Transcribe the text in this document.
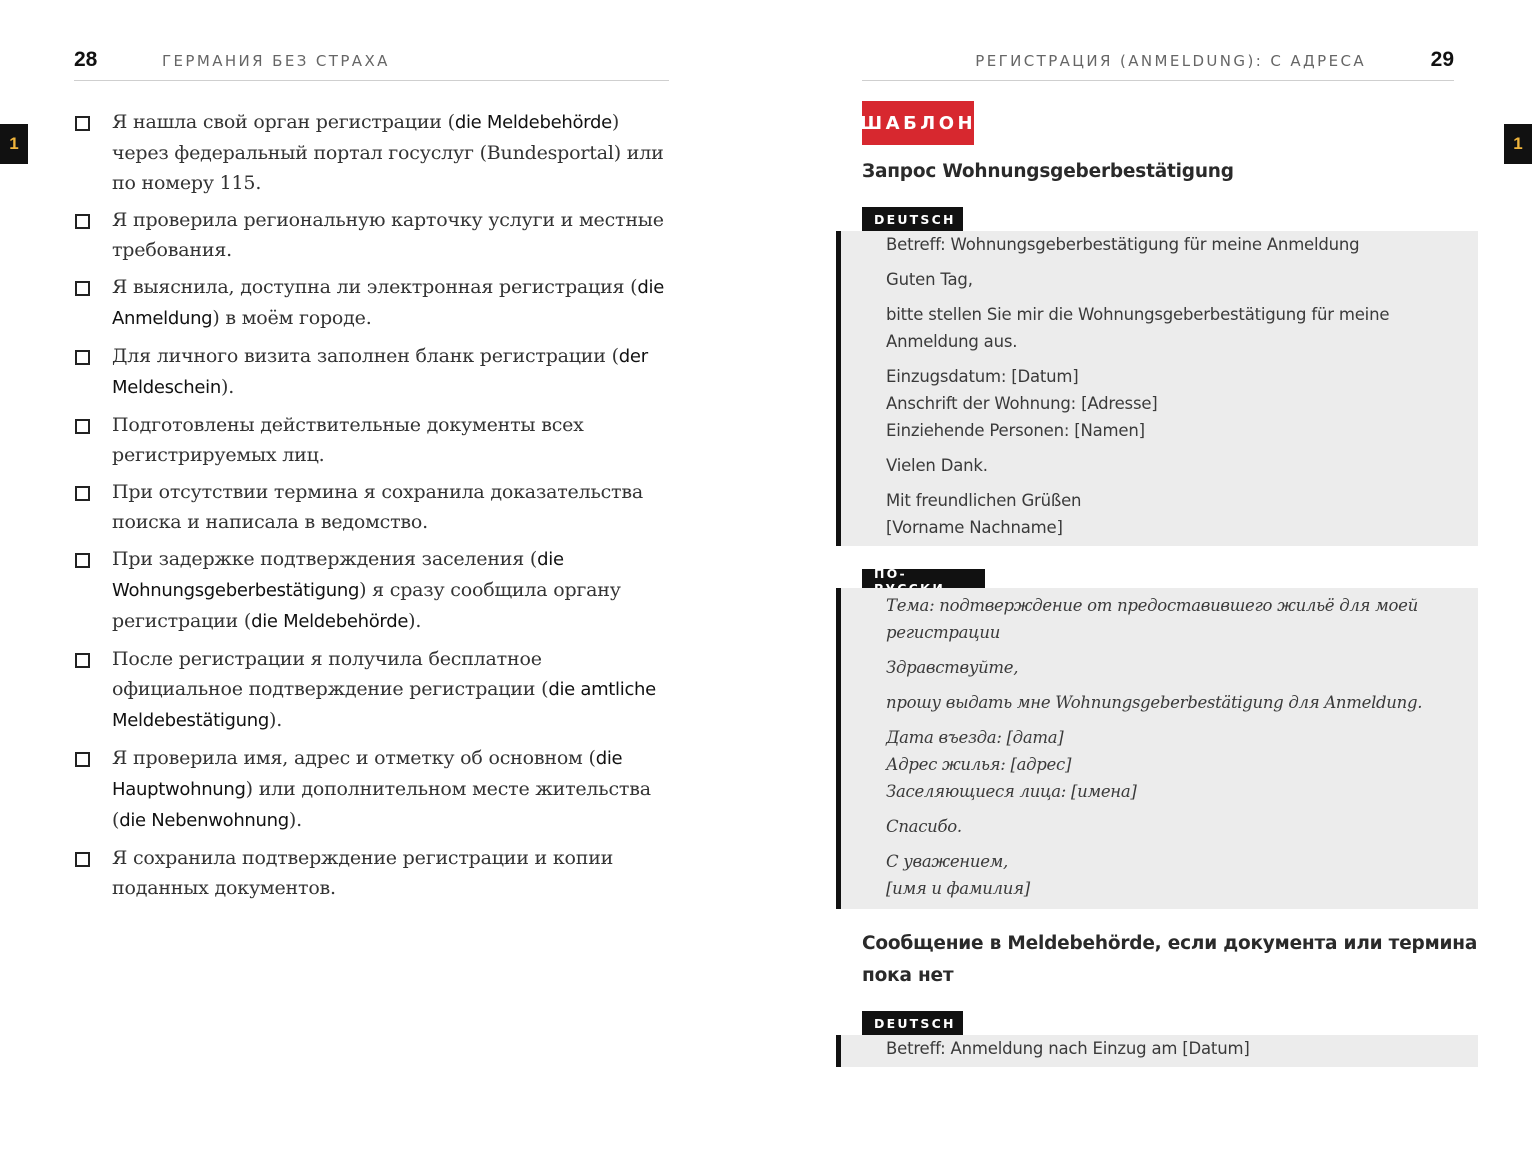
28	ГЕРМАНИЯ БЕЗ СТРАХА
1
Я нашла свой орган регистрации (die Meldebehörde)
через федеральный портал госуслуг (Bundesportal) или
по номеру 115.
Я проверила региональную карточку услуги и местные
требования.
Я выяснила, доступна ли электронная регистрация (die
Anmeldung) в моём городе.
Для личного визита заполнен бланк регистрации (der
Meldeschein).
Подготовлены действительные документы всех
регистрируемых лиц.
При отсутствии термина я сохранила доказательства
поиска и написала в ведомство.
При задержке подтверждения заселения (die
Wohnungsgeberbestätigung) я сразу сообщила органу
регистрации (die Meldebehörde).
После регистрации я получила бесплатное
официальное подтверждение регистрации (die amtliche
Meldebestätigung).
Я проверила имя, адрес и отметку об основном (die
Hauptwohnung) или дополнительном месте жительства
(die Nebenwohnung).
Я сохранила подтверждение регистрации и копии
поданных документов.
РЕГИСТРАЦИЯ (ANMELDUNG): С АДРЕСА	29
1
ШАБЛОН
Запрос Wohnungsgeberbestätigung
DEUTSCH

Betreff: Wohnungsgeberbestätigung für meine Anmeldung

Guten Tag,

bitte stellen Sie mir die Wohnungsgeberbestätigung für meine
Anmeldung aus.

Einzugsdatum: [Datum]
Anschrift der Wohnung: [Adresse]
Einziehende Personen: [Namen]

Vielen Dank.

Mit freundlichen Grüßen
[Vorname Nachname]

ПО-

Тема: подтверждение от предоставившего жильё для моей
регистрации

Здравствуйте,

прошу выдать мне Wohnungsgeberbestätigung для Anmeldung.

Дата въезда: [дата]
Адрес жилья: [адрес]
Заселяющиеся лица: [имена]

Спасибо.

С уважением,
[имя и фамилия]

Сообщение в Meldebehörde, если документа или термина
пока нет
DEUTSCH

Betreff: Anmeldung nach Einzug am [Datum]
